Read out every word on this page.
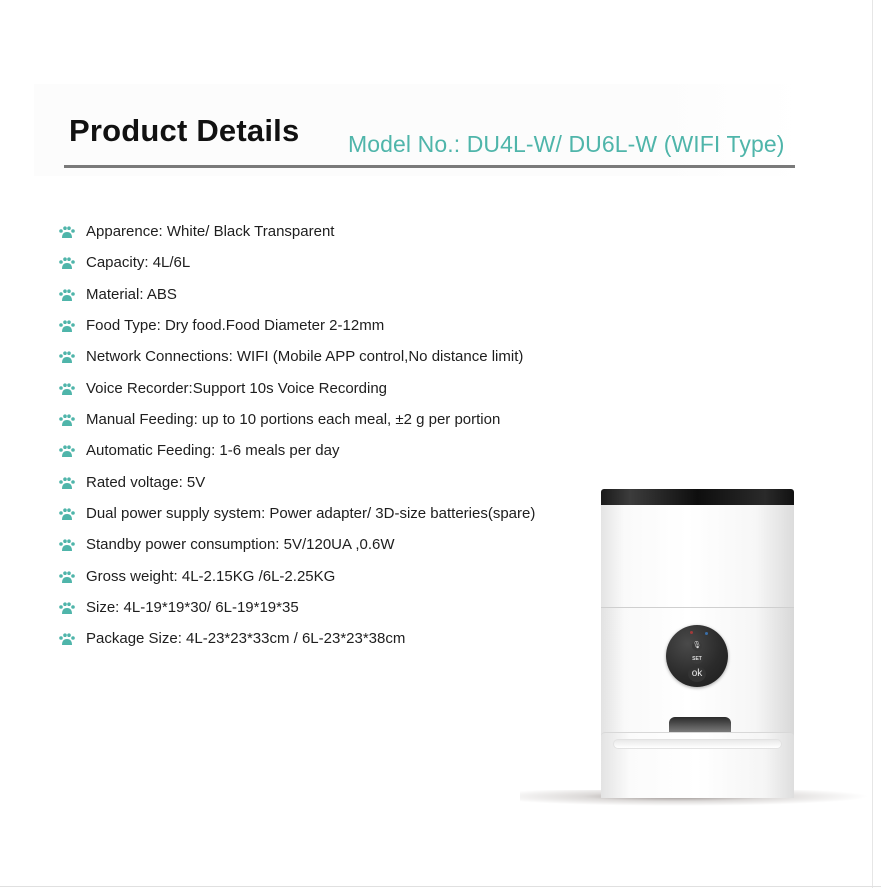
Product Details Model No.: DU4L-W/ DU6L-W (WIFI Type)
Apparence: White/ Black Transparent
Capacity: 4L/6L
Material: ABS
Food Type: Dry food.Food Diameter 2-12mm
Network Connections: WIFI (Mobile APP control,No distance limit)
Voice Recorder:Support 10s Voice Recording
Manual Feeding: up to 10 portions each meal, ±2 g per portion
Automatic Feeding: 1-6 meals per day
Rated voltage: 5V
Dual power supply system: Power adapter/ 3D-size batteries(spare)
Standby power consumption: 5V/120UA ,0.6W
Gross weight: 4L-2.15KG /6L-2.25KG
Size: 4L-19*19*30/ 6L-19*19*35
Package Size: 4L-23*23*33cm / 6L-23*23*38cm	🎙
SET
ok
